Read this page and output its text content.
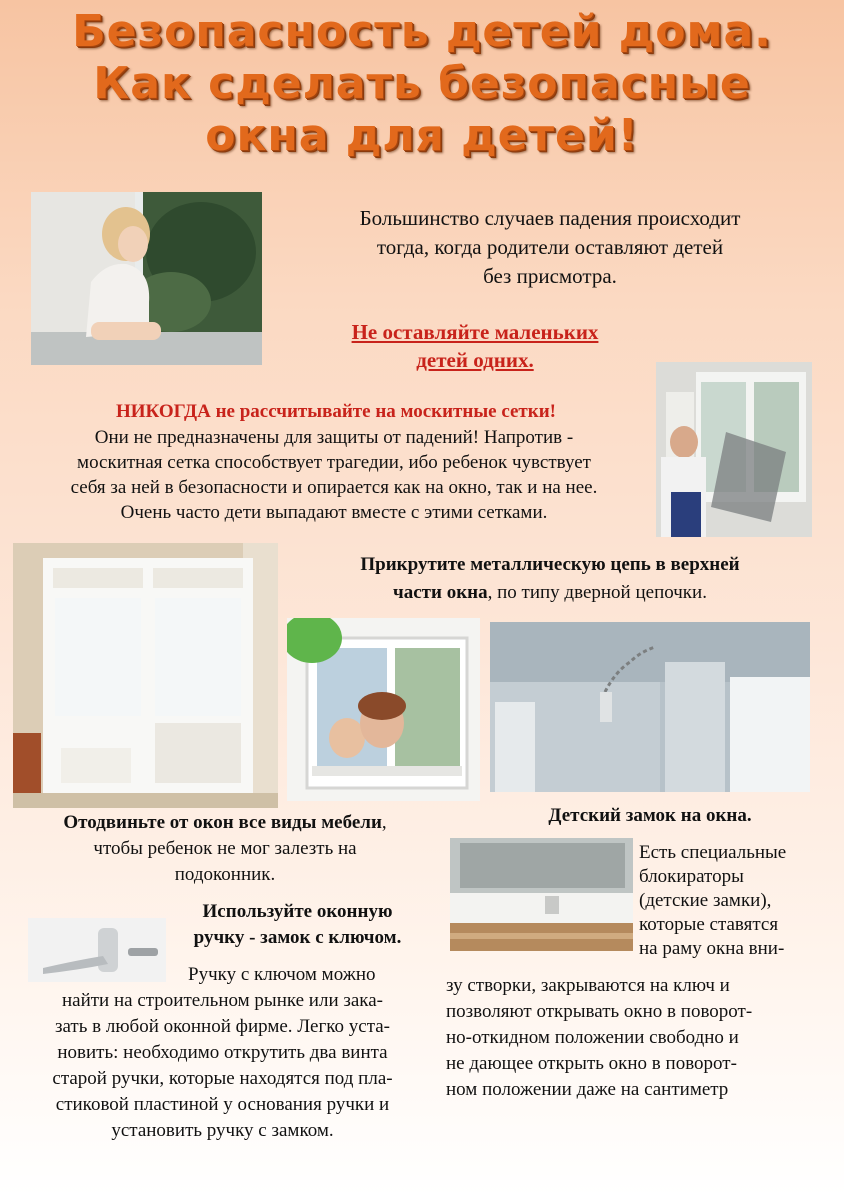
Безопасность детей дома.
Как сделать безопасные
окна для детей!

Большинство случаев падения происходит
тогда, когда родители оставляют детей
без присмотра.

Не оставляйте маленьких
детей одних.

НИКОГДА не рассчитывайте на москитные сетки!

Они не предназначены для защиты от падений! Напротив -
москитная сетка способствует трагедии, ибо ребенок чувствует
себя за ней в безопасности и опирается как на окно, так и на нее.
Очень часто дети выпадают вместе с этими сетками.

Прикрутите металлическую цепь в верхней
части окна, по типу дверной цепочки.

Отодвиньте от окон все виды мебели,
чтобы ребенок не мог залезть на
подоконник.

Детский замок на окна.

Есть специальные
блокираторы
(детские замки),
которые ставятся
на раму окна вни-

зу створки, закрываются на ключ и
позволяют открывать окно в поворот-
но-откидном положении свободно и
не дающее открыть окно в поворот-
ном положении даже на сантиметр

Используйте оконную
ручку - замок с ключом.

Ручку с ключом можно

найти на строительном рынке или зака-
зать в любой оконной фирме. Легко уста-
новить: необходимо открутить два винта
старой ручки, которые находятся под пла-
стиковой пластиной у основания ручки и
установить ручку с замком.
